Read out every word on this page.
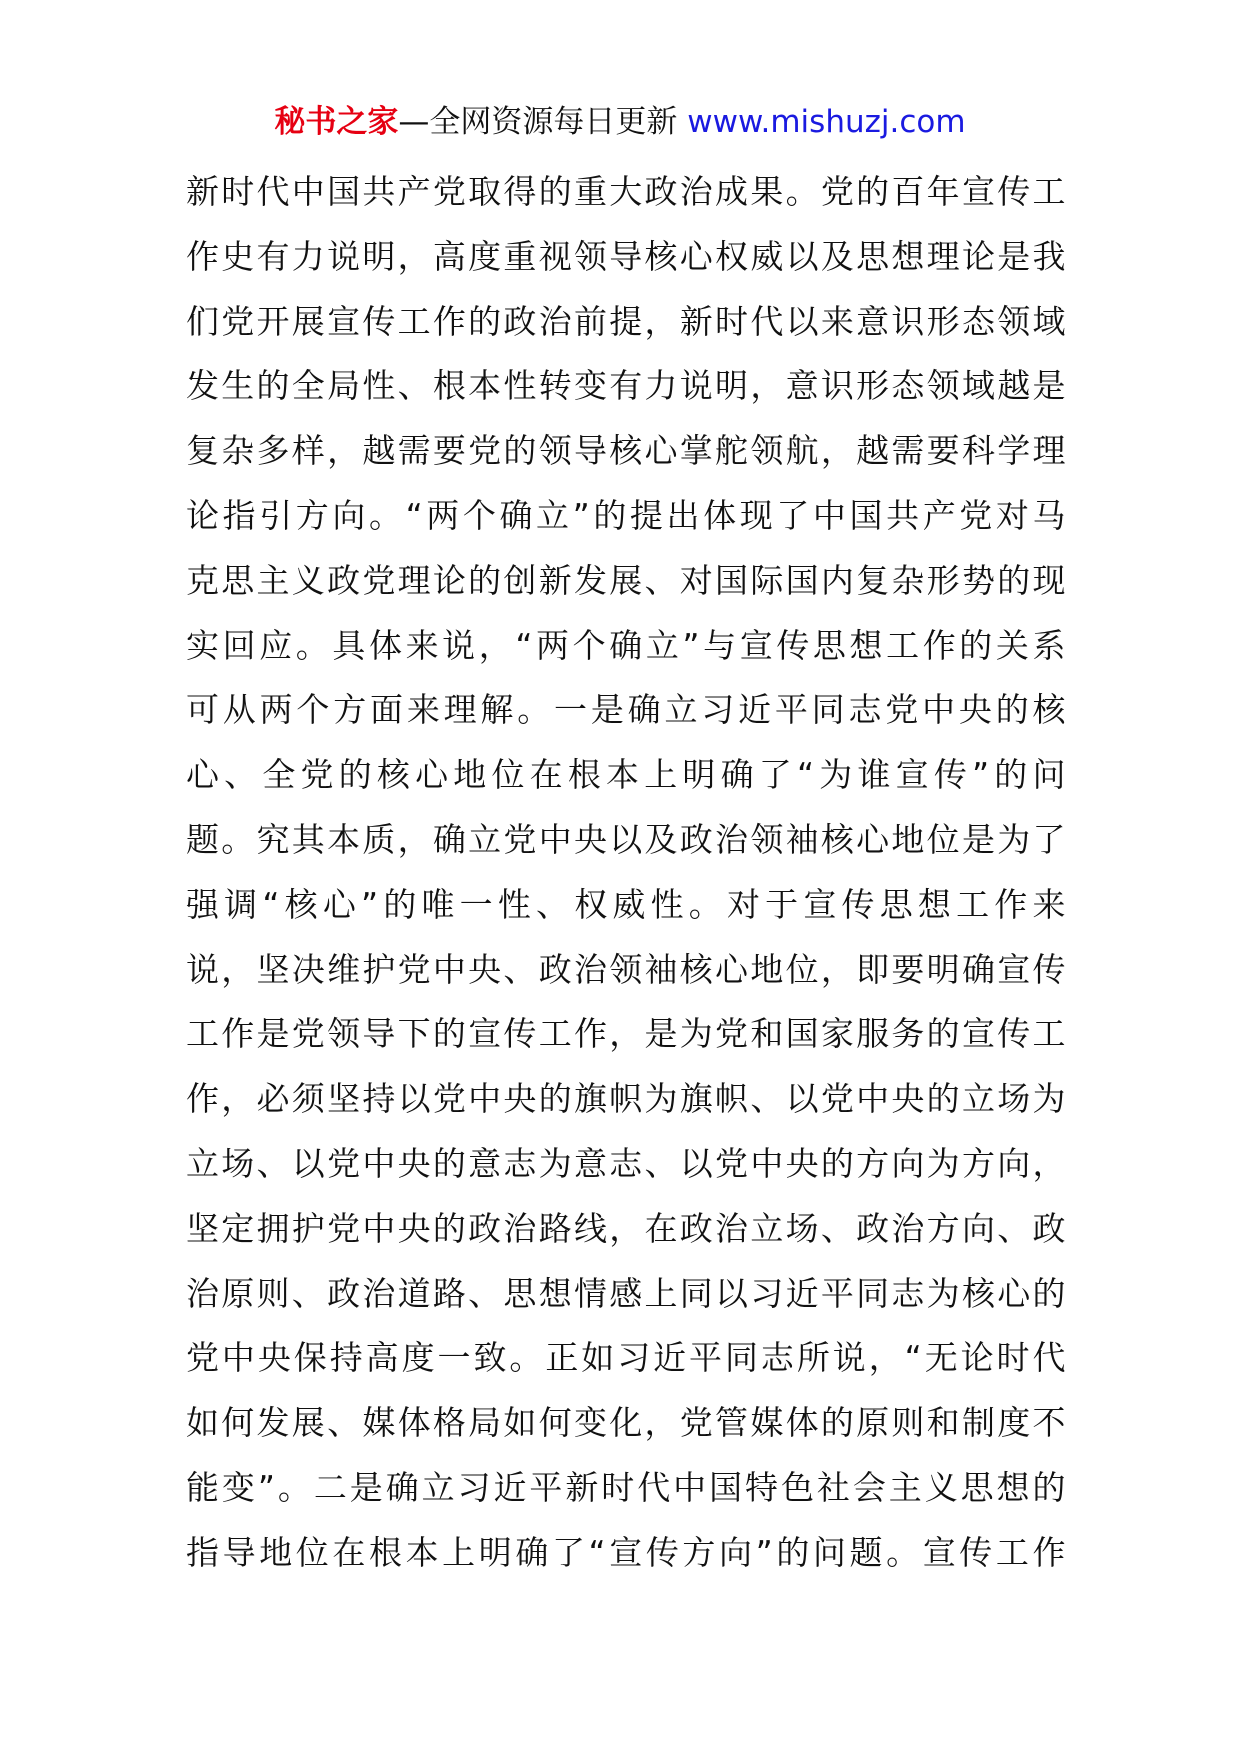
秘书之家—全网资源每日更新 www.mishuzj.com
新时代中国共产党取得的重大政治成果。党的百年宣传工
作史有力说明，高度重视领导核心权威以及思想理论是我
们党开展宣传工作的政治前提，新时代以来意识形态领域
发生的全局性、根本性转变有力说明，意识形态领域越是
复杂多样，越需要党的领导核心掌舵领航，越需要科学理
论指引方向。“两个确立”的提出体现了中国共产党对马
克思主义政党理论的创新发展、对国际国内复杂形势的现
实回应。具体来说，“两个确立”与宣传思想工作的关系
可从两个方面来理解。一是确立习近平同志党中央的核
心、全党的核心地位在根本上明确了“为谁宣传”的问
题。究其本质，确立党中央以及政治领袖核心地位是为了
强调“核心”的唯一性、权威性。对于宣传思想工作来
说，坚决维护党中央、政治领袖核心地位，即要明确宣传
工作是党领导下的宣传工作，是为党和国家服务的宣传工
作，必须坚持以党中央的旗帜为旗帜、以党中央的立场为
立场、以党中央的意志为意志、以党中央的方向为方向，
坚定拥护党中央的政治路线，在政治立场、政治方向、政
治原则、政治道路、思想情感上同以习近平同志为核心的
党中央保持高度一致。正如习近平同志所说，“无论时代
如何发展、媒体格局如何变化，党管媒体的原则和制度不
能变”。二是确立习近平新时代中国特色社会主义思想的
指导地位在根本上明确了“宣传方向”的问题。宣传工作
